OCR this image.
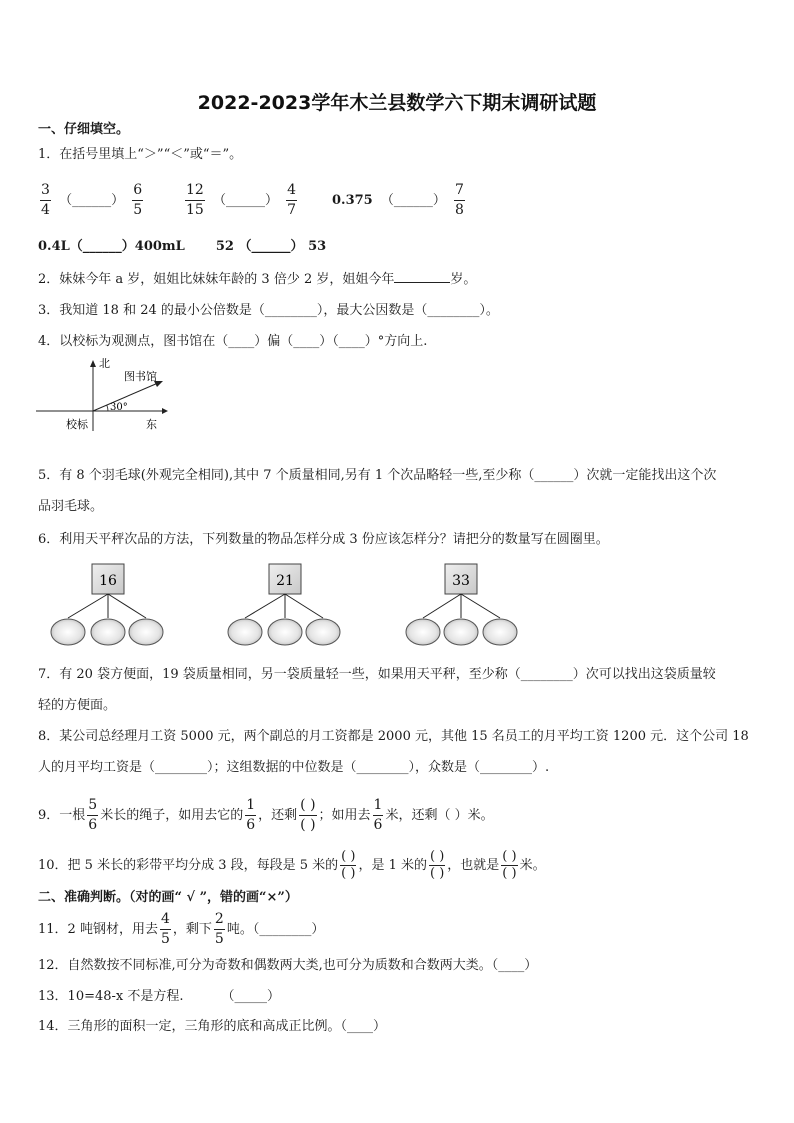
2022-2023学年木兰县数学六下期末调研试题
一、仔细填空。
1．在括号里填上“＞”“＜”或“＝”。
$\frac{3}{4}$ （______） $\frac{6}{5}$	$\frac{12}{15}$ （______） $\frac{4}{7}$	0.375 （______） $\frac{7}{8}$
0.4L（______）400mL 52 （______） 53
2．妹妹今年 a 岁，姐姐比妹妹年龄的 3 倍少 2 岁，姐姐今年	岁。
3．我知道 18 和 24 的最小公倍数是（________），最大公因数是（________）。
4．以校标为观测点，图书馆在（____）偏（____）（____）°方向上.
北
图书馆
30°
校标	东
5．有 8 个羽毛球(外观完全相同),其中 7 个质量相同,另有 1 个次品略轻一些,至少称（______）次就一定能找出这个次
品羽毛球。
6．利用天平秤次品的方法，下列数量的物品怎样分成 3 份应该怎样分？请把分的数量写在圆圈里。
16	21	33
7．有 20 袋方便面，19 袋质量相同，另一袋质量轻一些，如果用天平秤，至少称（________）次可以找出这袋质量较
轻的方便面。
8．某公司总经理月工资 5000 元，两个副总的月工资都是 2000 元，其他 15 名员工的月平均工资 1200 元．这个公司 18
人的月平均工资是（________）；这组数据的中位数是（________），众数是（________）.
9．一根 $\frac{5}{6}$ 米长的绳子，如用去它的 $\frac{1}{6}$ ，还剩 $\frac{( )}{( )}$ ；如用去 $\frac{1}{6}$ 米，还剩（ ）米。
10．把 5 米长的彩带平均分成 3 段，每段是 5 米的 $\frac{( )}{( )}$ ，是 1 米的 $\frac{( )}{( )}$ ，也就是 $\frac{( )}{( )}$ 米。
二、准确判断。（对的画“ √ ”，错的画“×”）
11．2 吨钢材，用去 $\frac{4}{5}$ ，剩下 $\frac{2}{5}$ 吨。（________）
12．自然数按不同标准,可分为奇数和偶数两大类,也可分为质数和合数两大类。（____）
13．10=48-x 不是方程.	（_____）
14．三角形的面积一定，三角形的底和高成正比例。（____）
